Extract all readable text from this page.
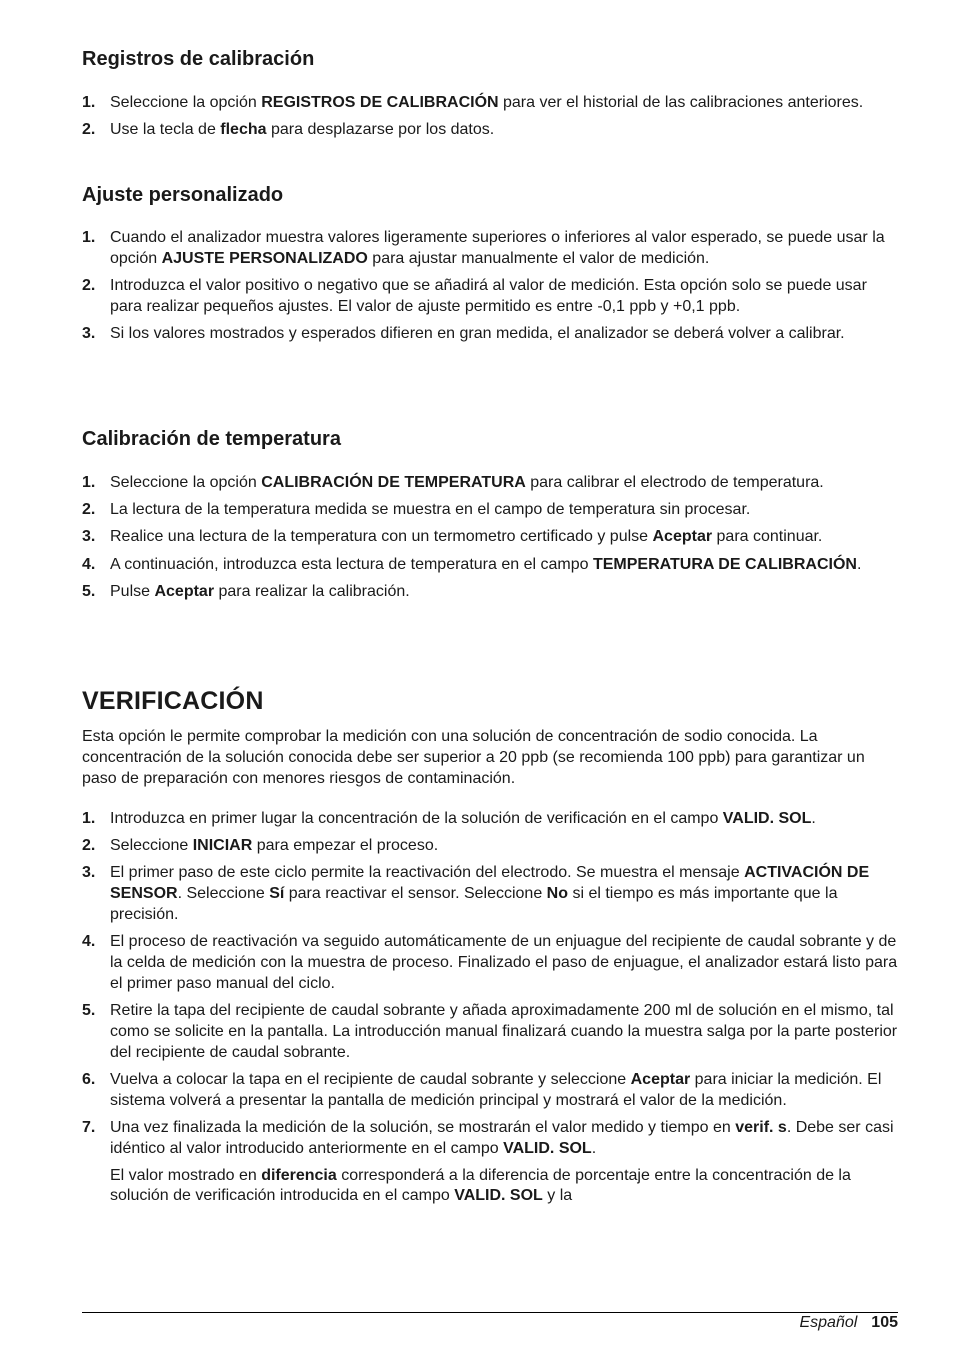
Registros de calibración
1. Seleccione la opción REGISTROS DE CALIBRACIÓN para ver el historial de las calibraciones anteriores.
2. Use la tecla de flecha para desplazarse por los datos.
Ajuste personalizado
1. Cuando el analizador muestra valores ligeramente superiores o inferiores al valor esperado, se puede usar la opción AJUSTE PERSONALIZADO para ajustar manualmente el valor de medición.
2. Introduzca el valor positivo o negativo que se añadirá al valor de medición. Esta opción solo se puede usar para realizar pequeños ajustes. El valor de ajuste permitido es entre -0,1 ppb y +0,1 ppb.
3. Si los valores mostrados y esperados difieren en gran medida, el analizador se deberá volver a calibrar.
Calibración de temperatura
1. Seleccione la opción CALIBRACIÓN DE TEMPERATURA para calibrar el electrodo de temperatura.
2. La lectura de la temperatura medida se muestra en el campo de temperatura sin procesar.
3. Realice una lectura de la temperatura con un termometro certificado y pulse Aceptar para continuar.
4. A continuación, introduzca esta lectura de temperatura en el campo TEMPERATURA DE CALIBRACIÓN.
5. Pulse Aceptar para realizar la calibración.
VERIFICACIÓN

Esta opción le permite comprobar la medición con una solución de concentración de sodio conocida. La concentración de la solución conocida debe ser superior a 20 ppb (se recomienda 100 ppb) para garantizar un paso de preparación con menores riesgos de contaminación.

1. Introduzca en primer lugar la concentración de la solución de verificación en el campo VALID. SOL.
2. Seleccione INICIAR para empezar el proceso.
3. El primer paso de este ciclo permite la reactivación del electrodo. Se muestra el mensaje ACTIVACIÓN DE SENSOR. Seleccione Sí para reactivar el sensor. Seleccione No si el tiempo es más importante que la precisión.
4. El proceso de reactivación va seguido automáticamente de un enjuague del recipiente de caudal sobrante y de la celda de medición con la muestra de proceso. Finalizado el paso de enjuague, el analizador estará listo para el primer paso manual del ciclo.
5. Retire la tapa del recipiente de caudal sobrante y añada aproximadamente 200 ml de solución en el mismo, tal como se solicite en la pantalla. La introducción manual finalizará cuando la muestra salga por la parte posterior del recipiente de caudal sobrante.
6. Vuelva a colocar la tapa en el recipiente de caudal sobrante y seleccione Aceptar para iniciar la medición. El sistema volverá a presentar la pantalla de medición principal y mostrará el valor de la medición.
7. Una vez finalizada la medición de la solución, se mostrarán el valor medido y tiempo en verif. s. Debe ser casi idéntico al valor introducido anteriormente en el campo VALID. SOL.
El valor mostrado en diferencia corresponderá a la diferencia de porcentaje entre la concentración de la solución de verificación introducida en el campo VALID. SOL y la
Español 105
